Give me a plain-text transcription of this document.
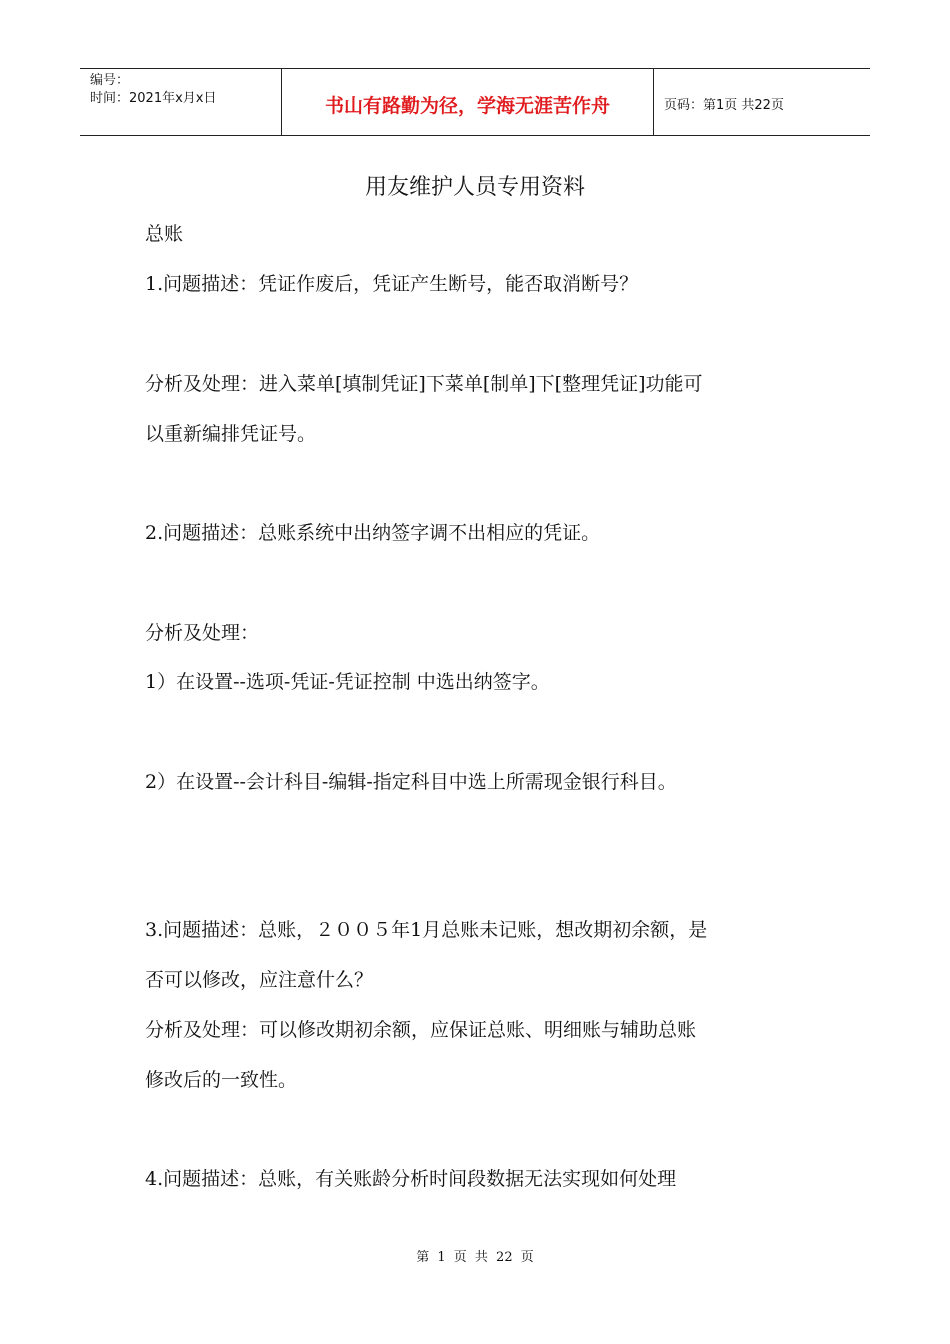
编号：
时间：2021年x月x日	书山有路勤为径，学海无涯苦作舟	页码：第1页 共22页
用友维护人员专用资料
总账
1.问题描述：凭证作废后，凭证产生断号，能否取消断号？
分析及处理：进入菜单[填制凭证]下菜单[制单]下[整理凭证]功能可
以重新编排凭证号。
2.问题描述：总账系统中出纳签字调不出相应的凭证。
分析及处理：
1）在设置--选项-凭证-凭证控制 中选出纳签字。
2）在设置--会计科目-编辑-指定科目中选上所需现金银行科目。
3.问题描述：总账，２００５年1月总账未记账，想改期初余额，是
否可以修改，应注意什么？
分析及处理：可以修改期初余额，应保证总账、明细账与辅助总账
修改后的一致性。
4.问题描述：总账，有关账龄分析时间段数据无法实现如何处理
第 1 页 共 22 页
